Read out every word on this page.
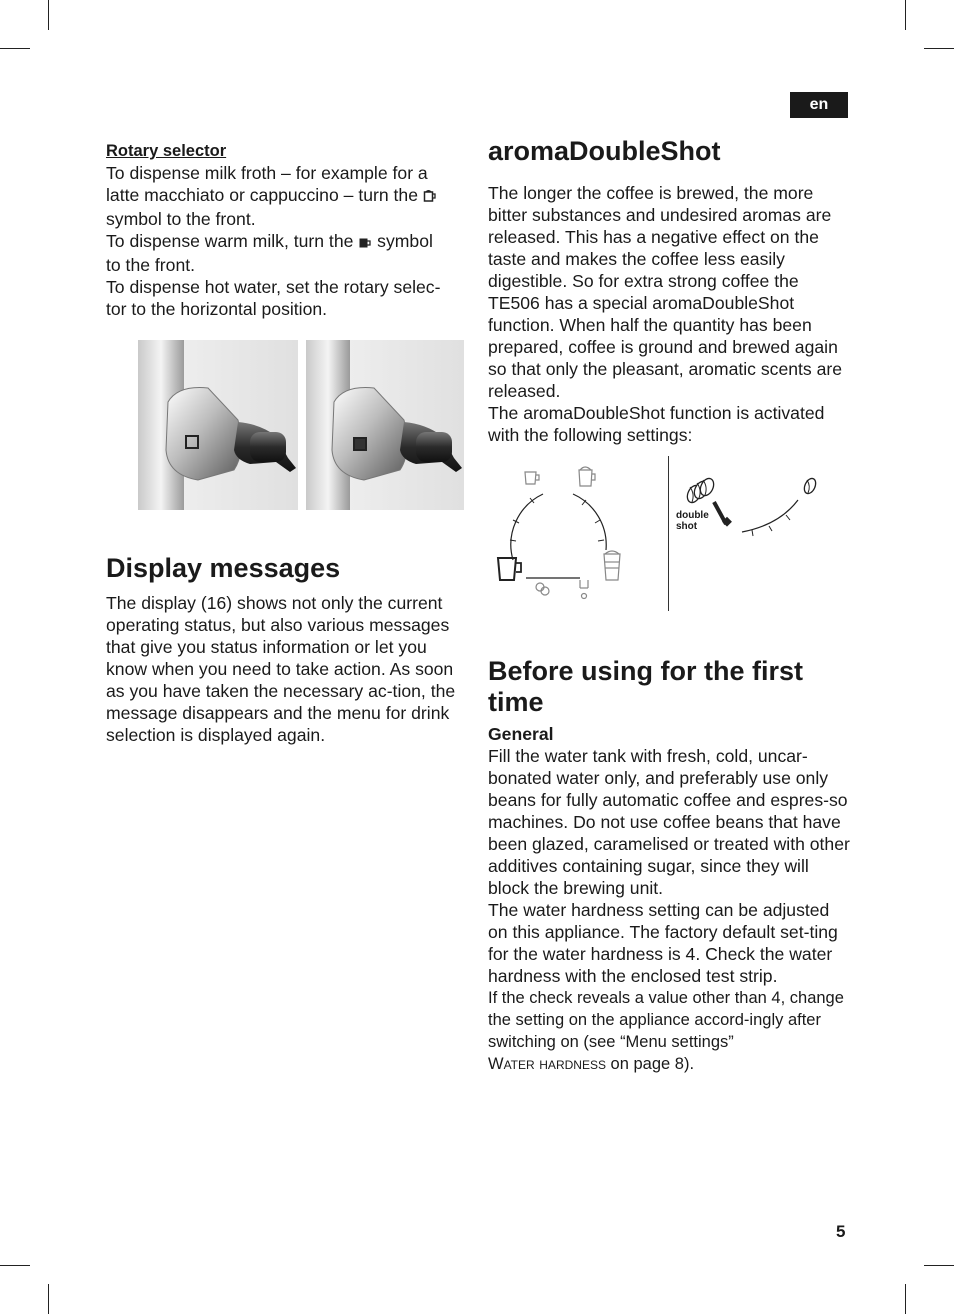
en

Rotary selector

To dispense milk froth – for example for a
latte macchiato or cappuccino – turn the
symbol to the front.

To dispense warm milk, turn the symbol
to the front.

To dispense hot water, set the rotary selec-
tor to the horizontal position.

Display messages

The display (16) shows not only the current operating status, but also various messages that give you status information or let you know when you need to take action. As soon as you have taken the necessary ac-tion, the message disappears and the menu for drink selection is displayed again.

aromaDoubleShot

The longer the coffee is brewed, the more bitter substances and undesired aromas are released. This has a negative effect on the taste and makes the coffee less easily digestible. So for extra strong coffee the TE506 has a special aromaDoubleShot function. When half the quantity has been prepared, coffee is ground and brewed again so that only the pleasant, aromatic scents are released.

The aromaDoubleShot function is activated with the following settings:

double
shot
Before using for the first time

General

Fill the water tank with fresh, cold, uncar-bonated water only, and preferably use only beans for fully automatic coffee and espres-so machines. Do not use coffee beans that have been glazed, caramelised or treated with other additives containing sugar, since they will block the brewing unit.

The water hardness setting can be adjusted on this appliance. The factory default set-ting for the water hardness is 4. Check the water hardness with the enclosed test strip.

If the check reveals a value other than 4, change the setting on the appliance accord-ingly after switching on (see “Menu settings”
Water hardness on page 8).

5
